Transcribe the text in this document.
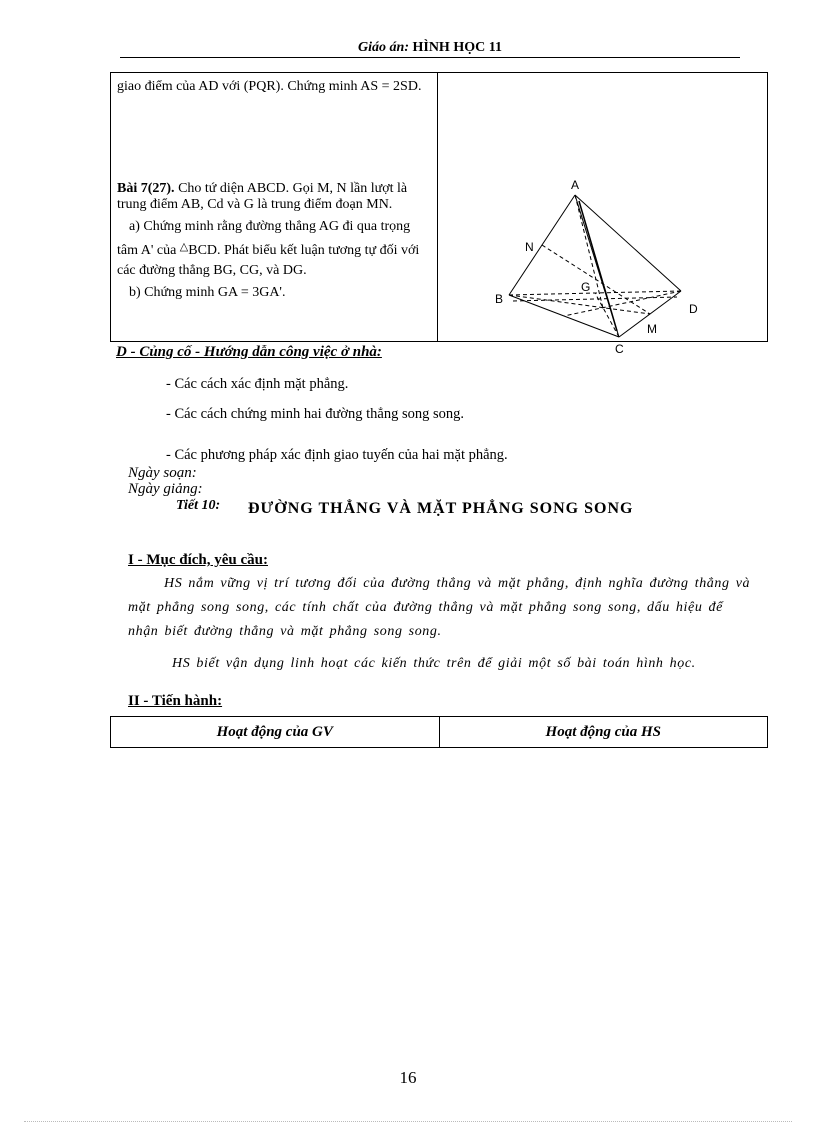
Giáo án: HÌNH HỌC 11

giao điểm của AD với (PQR). Chứng minh AS = 2SD.

Bài 7(27). Cho tứ diện ABCD. Gọi M, N lần lượt là trung điểm AB, Cd và G là trung điểm đoạn MN.

a) Chứng minh rằng đường thẳng AG đi qua trọng tâm A' của △BCD. Phát biểu kết luận tương tự đối với các đường thẳng BG, CG, và DG.

b) Chứng minh GA = 3GA'.

A
B
C
D
N
M
G
D - Củng cố - Hướng dẫn công việc ở nhà:
- Các cách xác định mặt phẳng.
- Các cách chứng minh hai đường thẳng song song.
- Các phương pháp xác định giao tuyến của hai mặt phẳng.
Ngày soạn:
Ngày giảng:
Tiết 10: ĐƯỜNG THẲNG VÀ MẶT PHẲNG SONG SONG
I - Mục đích, yêu cầu:
HS nắm vững vị trí tương đối của đường thẳng và mặt phẳng, định nghĩa đường thẳng và mặt phẳng song song, các tính chất của đường thẳng và mặt phẳng song song, dấu hiệu để nhận biết đường thẳng và mặt phẳng song song.
HS biết vận dụng linh hoạt các kiến thức trên để giải một số bài toán hình học.
II - Tiến hành:
Hoạt động của GV	Hoạt động của HS
16
